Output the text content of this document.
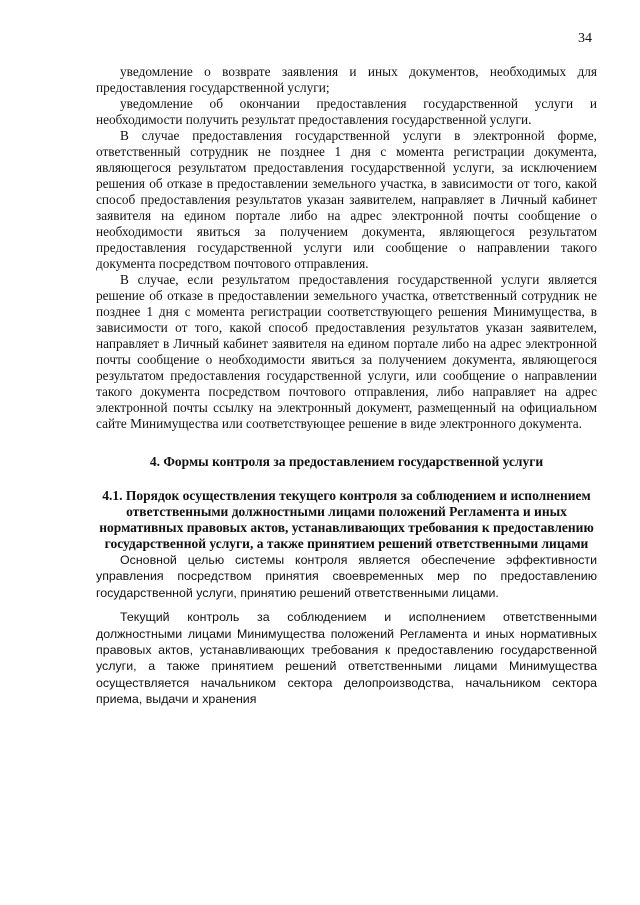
34

уведомление о возврате заявления и иных документов, необходимых для предоставления государственной услуги;

уведомление об окончании предоставления государственной услуги и необходимости получить результат предоставления государственной услуги.

В случае предоставления государственной услуги в электронной форме, ответственный сотрудник не позднее 1 дня с момента регистрации документа, являющегося результатом предоставления государственной услуги, за исключением решения об отказе в предоставлении земельного участка, в зависимости от того, какой способ предоставления результатов указан заявителем, направляет в Личный кабинет заявителя на едином портале либо на адрес электронной почты сообщение о необходимости явиться за получением документа, являющегося результатом предоставления государственной услуги или сообщение о направлении такого документа посредством почтового отправления.

В случае, если результатом предоставления государственной услуги является решение об отказе в предоставлении земельного участка, ответственный сотрудник не позднее 1 дня с момента регистрации соответствующего решения Минимущества, в зависимости от того, какой способ предоставления результатов указан заявителем, направляет в Личный кабинет заявителя на едином портале либо на адрес электронной почты сообщение о необходимости явиться за получением документа, являющегося результатом предоставления государственной услуги, или сообщение о направлении такого документа посредством почтового отправления, либо направляет на адрес электронной почты ссылку на электронный документ, размещенный на официальном сайте Минимущества или соответствующее решение в виде электронного документа.

4. Формы контроля за предоставлением государственной услуги
4.1. Порядок осуществления текущего контроля за соблюдением и исполнением ответственными должностными лицами положений Регламента и иных нормативных правовых актов, устанавливающих требования к предоставлению государственной услуги, а также принятием решений ответственными лицами

Основной целью системы контроля является обеспечение эффективности управления посредством принятия своевременных мер по предоставлению государственной услуги, принятию решений ответственными лицами.

Текущий контроль за соблюдением и исполнением ответственными должностными лицами Минимущества положений Регламента и иных нормативных правовых актов, устанавливающих требования к предоставлению государственной услуги, а также принятием решений ответственными лицами Минимущества осуществляется начальником сектора делопроизводства, начальником сектора приема, выдачи и хранения
